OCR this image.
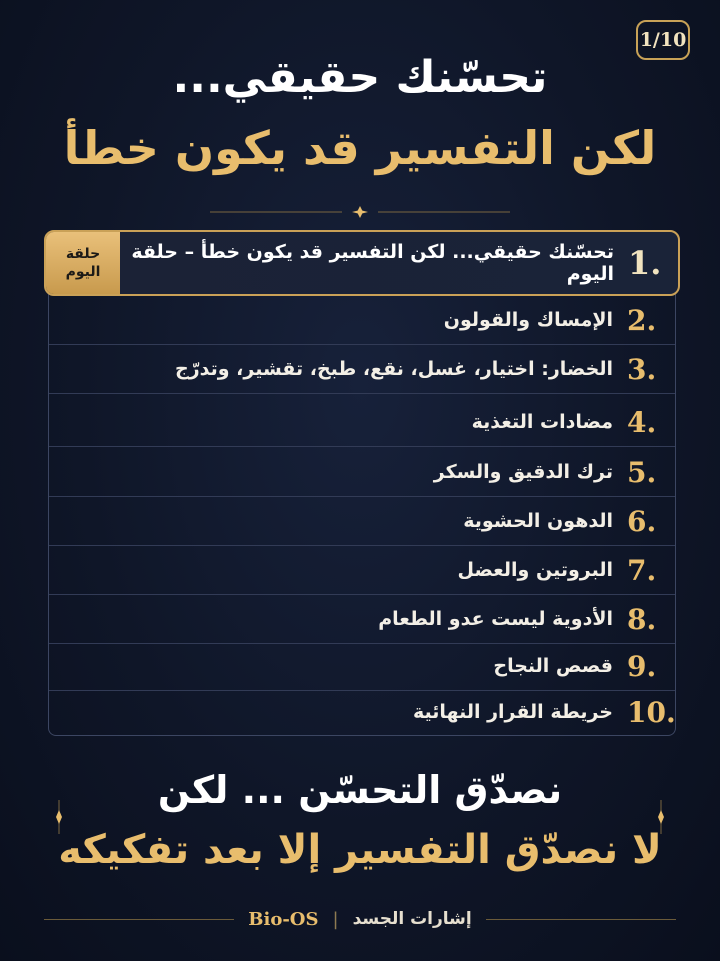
1/10
تحسّنك حقيقي...
لكن التفسير قد يكون خطأ
الإمساك والقولون 2.
الخضار: اختيار، غسل، نقع، طبخ، تقشير، وتدرّج 3.
مضادات التغذية 4.
ترك الدقيق والسكر 5.
الدهون الحشوية 6.
البروتين والعضل 7.
الأدوية ليست عدو الطعام 8.
قصص النجاح 9.
خريطة القرار النهائية 10.
حلقة اليوم
تحسّنك حقيقي... لكن التفسير قد يكون خطأ – حلقة اليوم 1.
نصدّق التحسّن ... لكن
لا نصدّق التفسير إلا بعد تفكيكه
Bio-OS | إشارات الجسد
